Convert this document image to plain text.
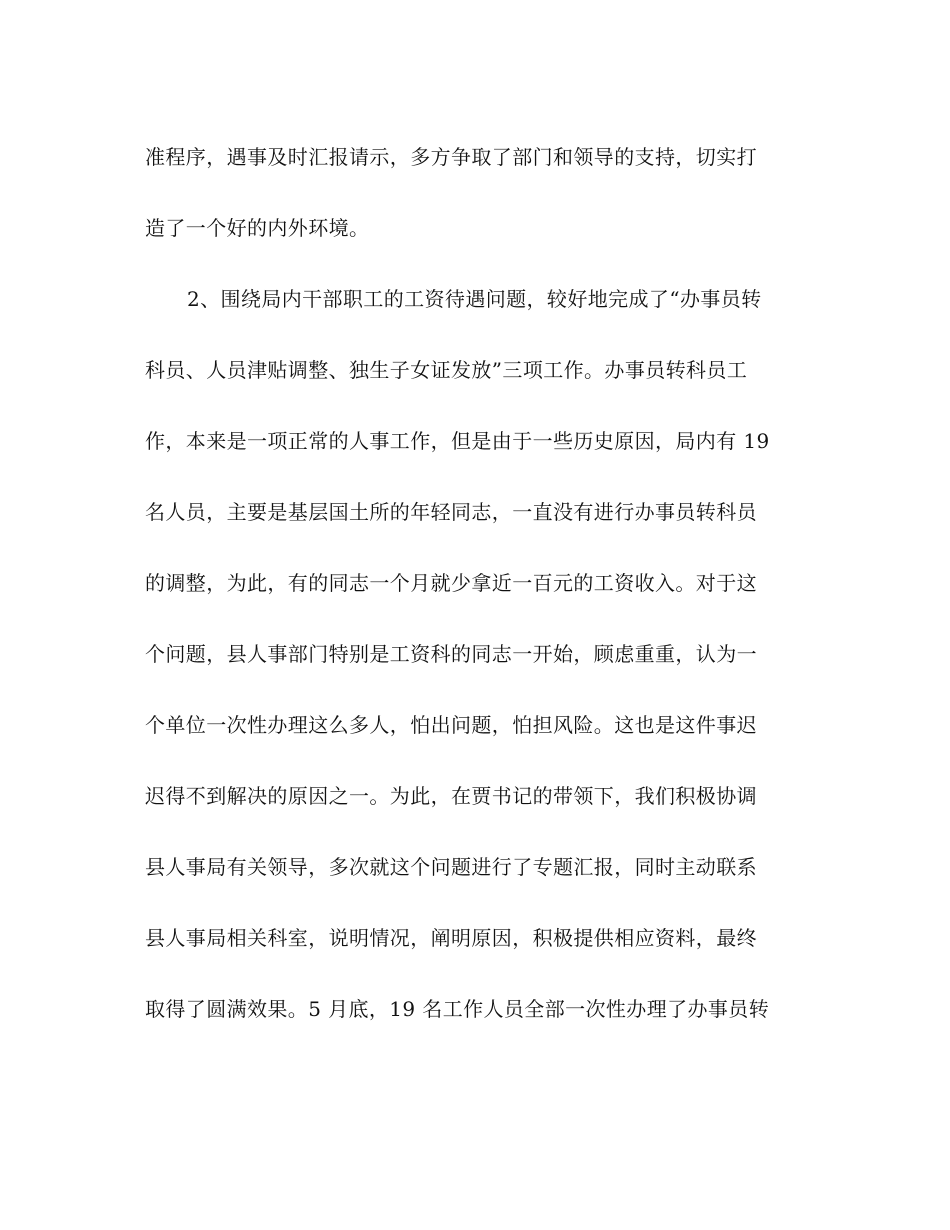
准程序，遇事及时汇报请示，多方争取了部门和领导的支持，切实打
造了一个好的内外环境。
2、围绕局内干部职工的工资待遇问题，较好地完成了“办事员转
科员、人员津贴调整、独生子女证发放”三项工作。办事员转科员工
作，本来是一项正常的人事工作，但是由于一些历史原因，局内有 19
名人员，主要是基层国土所的年轻同志，一直没有进行办事员转科员
的调整，为此，有的同志一个月就少拿近一百元的工资收入。对于这
个问题，县人事部门特别是工资科的同志一开始，顾虑重重，认为一
个单位一次性办理这么多人，怕出问题，怕担风险。这也是这件事迟
迟得不到解决的原因之一。为此，在贾书记的带领下，我们积极协调
县人事局有关领导，多次就这个问题进行了专题汇报，同时主动联系
县人事局相关科室，说明情况，阐明原因，积极提供相应资料，最终
取得了圆满效果。5 月底，19 名工作人员全部一次性办理了办事员转
